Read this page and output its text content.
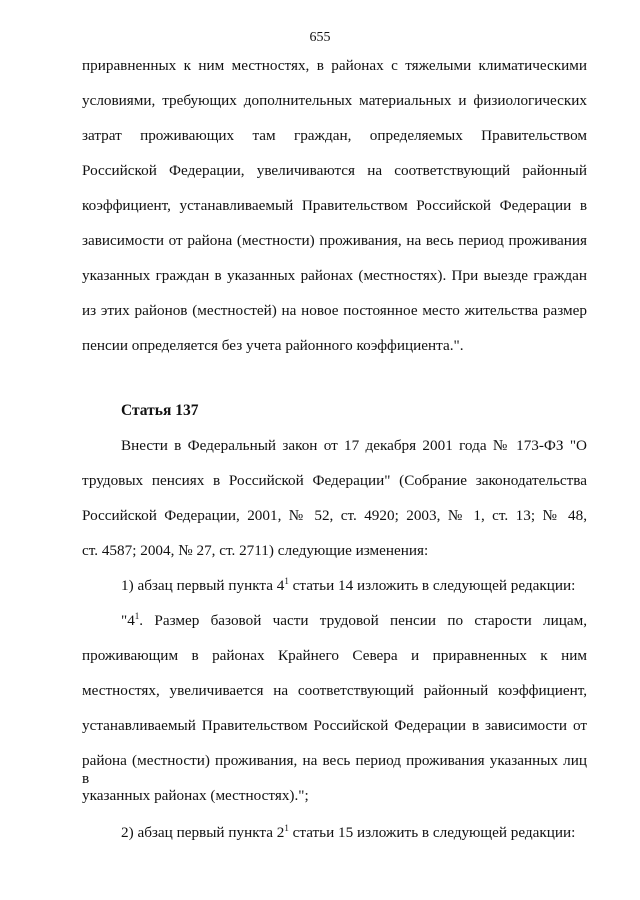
655
приравненных к ним местностях, в районах с тяжелыми климатическими
условиями, требующих дополнительных материальных и физиологических
затрат проживающих там граждан, определяемых Правительством
Российской Федерации, увеличиваются на соответствующий районный
коэффициент, устанавливаемый Правительством Российской Федерации в
зависимости от района (местности) проживания, на весь период проживания
указанных граждан в указанных районах (местностях). При выезде граждан
из этих районов (местностей) на новое постоянное место жительства размер
пенсии определяется без учета районного коэффициента.".
Статья 137
Внести в Федеральный закон от 17 декабря 2001 года № 173-ФЗ "О
трудовых пенсиях в Российской Федерации" (Собрание законодательства
Российской Федерации, 2001, № 52, ст. 4920; 2003, № 1, ст. 13; № 48,
ст. 4587; 2004, № 27, ст. 2711) следующие изменения:
1) абзац первый пункта $4^1$ статьи 14 изложить в следующей редакции:
"$4^1$. Размер базовой части трудовой пенсии по старости лицам,
проживающим в районах Крайнего Севера и приравненных к ним
местностях, увеличивается на соответствующий районный коэффициент,
устанавливаемый Правительством Российской Федерации в зависимости от
района (местности) проживания, на весь период проживания указанных лиц в
указанных районах (местностях).";
2) абзац первый пункта $2^1$ статьи 15 изложить в следующей редакции:
